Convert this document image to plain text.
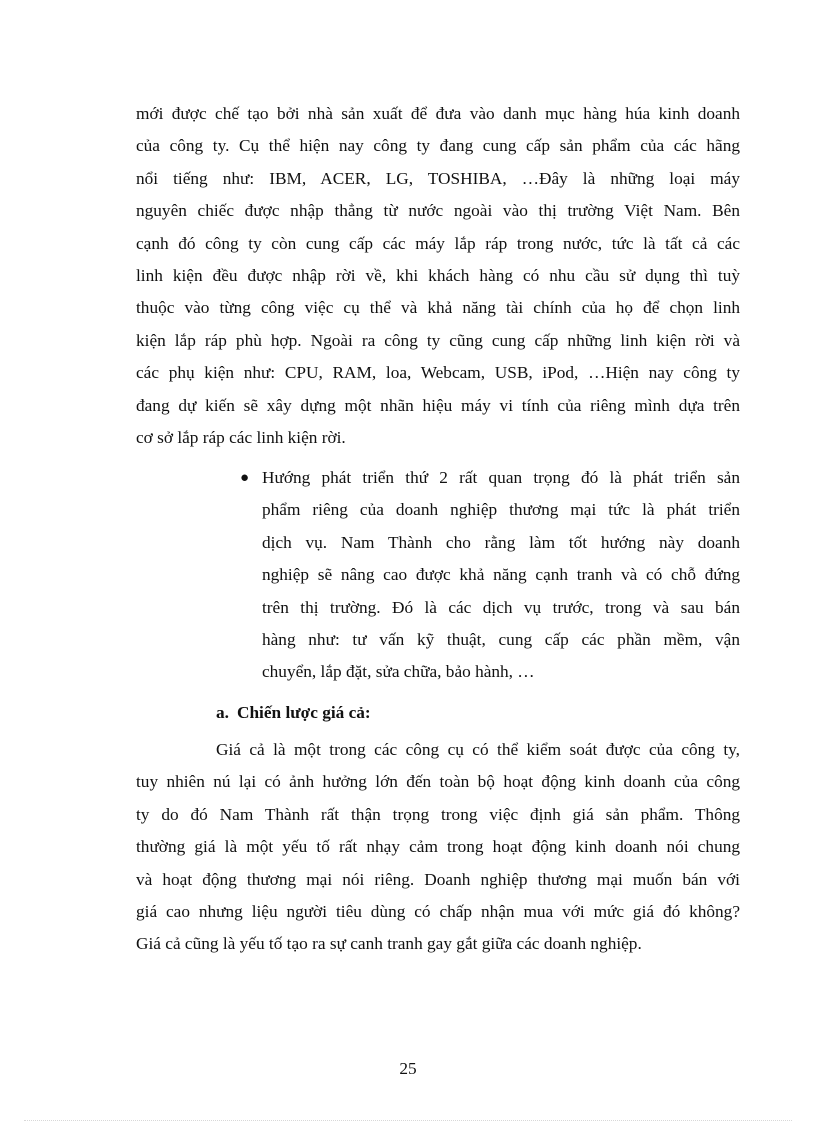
mới được chế tạo bởi nhà sản xuất để đưa vào danh mục hàng húa kinh doanh
của công ty. Cụ thể hiện nay công ty đang cung cấp sản phẩm của các hãng
nổi tiếng như: IBM, ACER, LG, TOSHIBA, …Đây là những loại máy
nguyên chiếc được nhập thẳng từ nước ngoài vào thị trường Việt Nam. Bên
cạnh đó công ty còn cung cấp các máy lắp ráp trong nước, tức là tất cả các
linh kiện đều được nhập rời về, khi khách hàng có nhu cầu sử dụng thì tuỳ
thuộc vào từng công việc cụ thể và khả năng tài chính của họ để chọn linh
kiện lắp ráp phù hợp. Ngoài ra công ty cũng cung cấp những linh kiện rời và
các phụ kiện như: CPU, RAM, loa, Webcam, USB, iPod, …Hiện nay công ty
đang dự kiến sẽ xây dựng một nhãn hiệu máy vi tính của riêng mình dựa trên
cơ sở lắp ráp các linh kiện rời.
● Hướng phát triển thứ 2 rất quan trọng đó là phát triển sản
phẩm riêng của doanh nghiệp thương mại tức là phát triển
dịch vụ. Nam Thành cho rằng làm tốt hướng này doanh
nghiệp sẽ nâng cao được khả năng cạnh tranh và có chỗ đứng
trên thị trường. Đó là các dịch vụ trước, trong và sau bán
hàng như: tư vấn kỹ thuật, cung cấp các phần mềm, vận
chuyển, lắp đặt, sửa chữa, bảo hành, …
a. Chiến lược giá cả:
Giá cả là một trong các công cụ có thể kiểm soát được của công ty,
tuy nhiên nú lại có ảnh hưởng lớn đến toàn bộ hoạt động kinh doanh của công
ty do đó Nam Thành rất thận trọng trong việc định giá sản phẩm. Thông
thường giá là một yếu tố rất nhạy cảm trong hoạt động kinh doanh nói chung
và hoạt động thương mại nói riêng. Doanh nghiệp thương mại muốn bán với
giá cao nhưng liệu người tiêu dùng có chấp nhận mua với mức giá đó không?
Giá cả cũng là yếu tố tạo ra sự canh tranh gay gắt giữa các doanh nghiệp.
25
